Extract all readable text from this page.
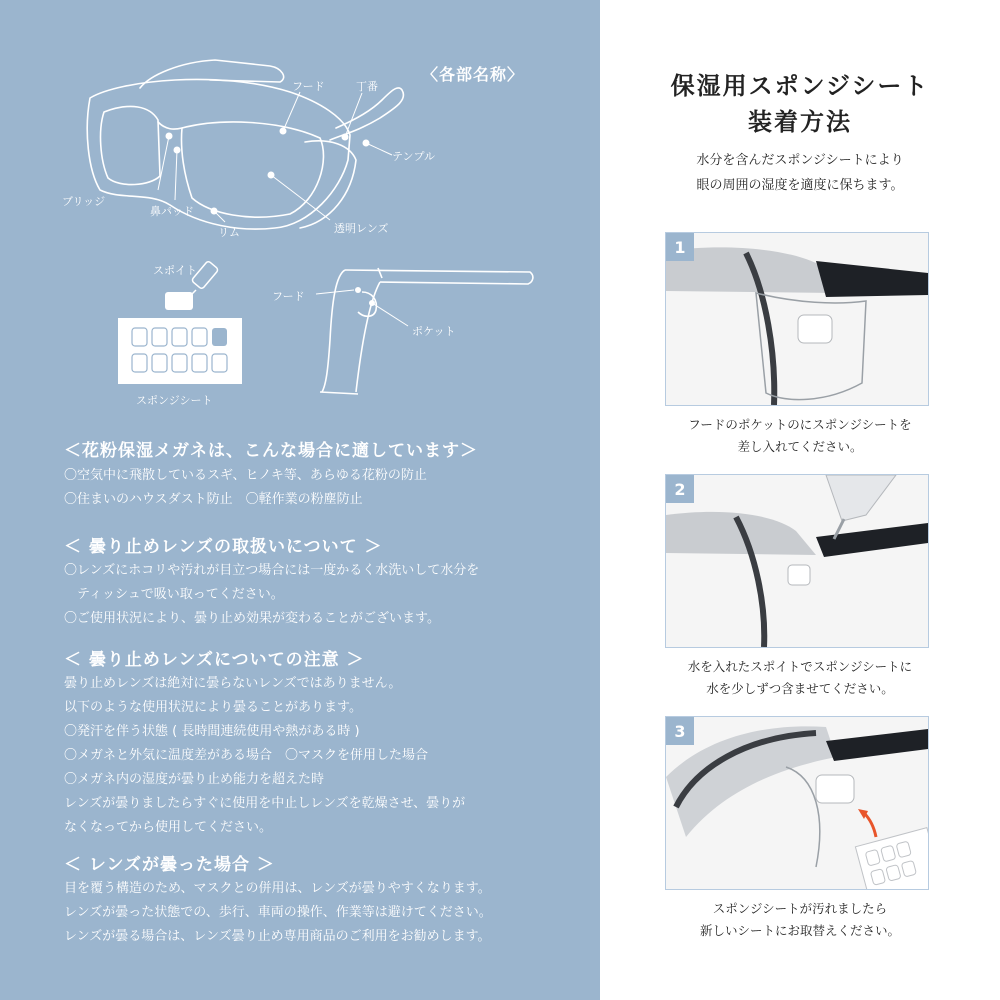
〈各部名称〉
フード	丁番
テンプル
ブリッジ
鼻パッド
リム	透明レンズ
スポイト
スポンジシート
フード
ポケット
＜花粉保湿メガネは、こんな場合に適しています＞
〇空気中に飛散しているスギ、ヒノキ等、あらゆる花粉の防止
〇住まいのハウスダスト防止　〇軽作業の粉塵防止
＜ 曇り止めレンズの取扱いについて ＞
〇レンズにホコリや汚れが目立つ場合には一度かるく水洗いして水分を
　ティッシュで吸い取ってください。
〇ご使用状況により、曇り止め効果が変わることがございます。
＜ 曇り止めレンズについての注意 ＞
曇り止めレンズは絶対に曇らないレンズではありません。
以下のような使用状況により曇ることがあります。
〇発汗を伴う状態 ( 長時間連続使用や熱がある時 )
〇メガネと外気に温度差がある場合　〇マスクを併用した場合
〇メガネ内の湿度が曇り止め能力を超えた時
レンズが曇りましたらすぐに使用を中止しレンズを乾燥させ、曇りが
なくなってから使用してください。
＜ レンズが曇った場合 ＞
目を覆う構造のため、マスクとの併用は、レンズが曇りやすくなります。
レンズが曇った状態での、歩行、車両の操作、作業等は避けてください。
レンズが曇る場合は、レンズ曇り止め専用商品のご利用をお勧めします。
保湿用スポンジシート
装着方法
水分を含んだスポンジシートにより
眼の周囲の湿度を適度に保ちます。
1
フードのポケットのにスポンジシートを
差し入れてください。
2
水を入れたスポイトでスポンジシートに
水を少しずつ含ませてください。
3
スポンジシートが汚れましたら
新しいシートにお取替えください。
